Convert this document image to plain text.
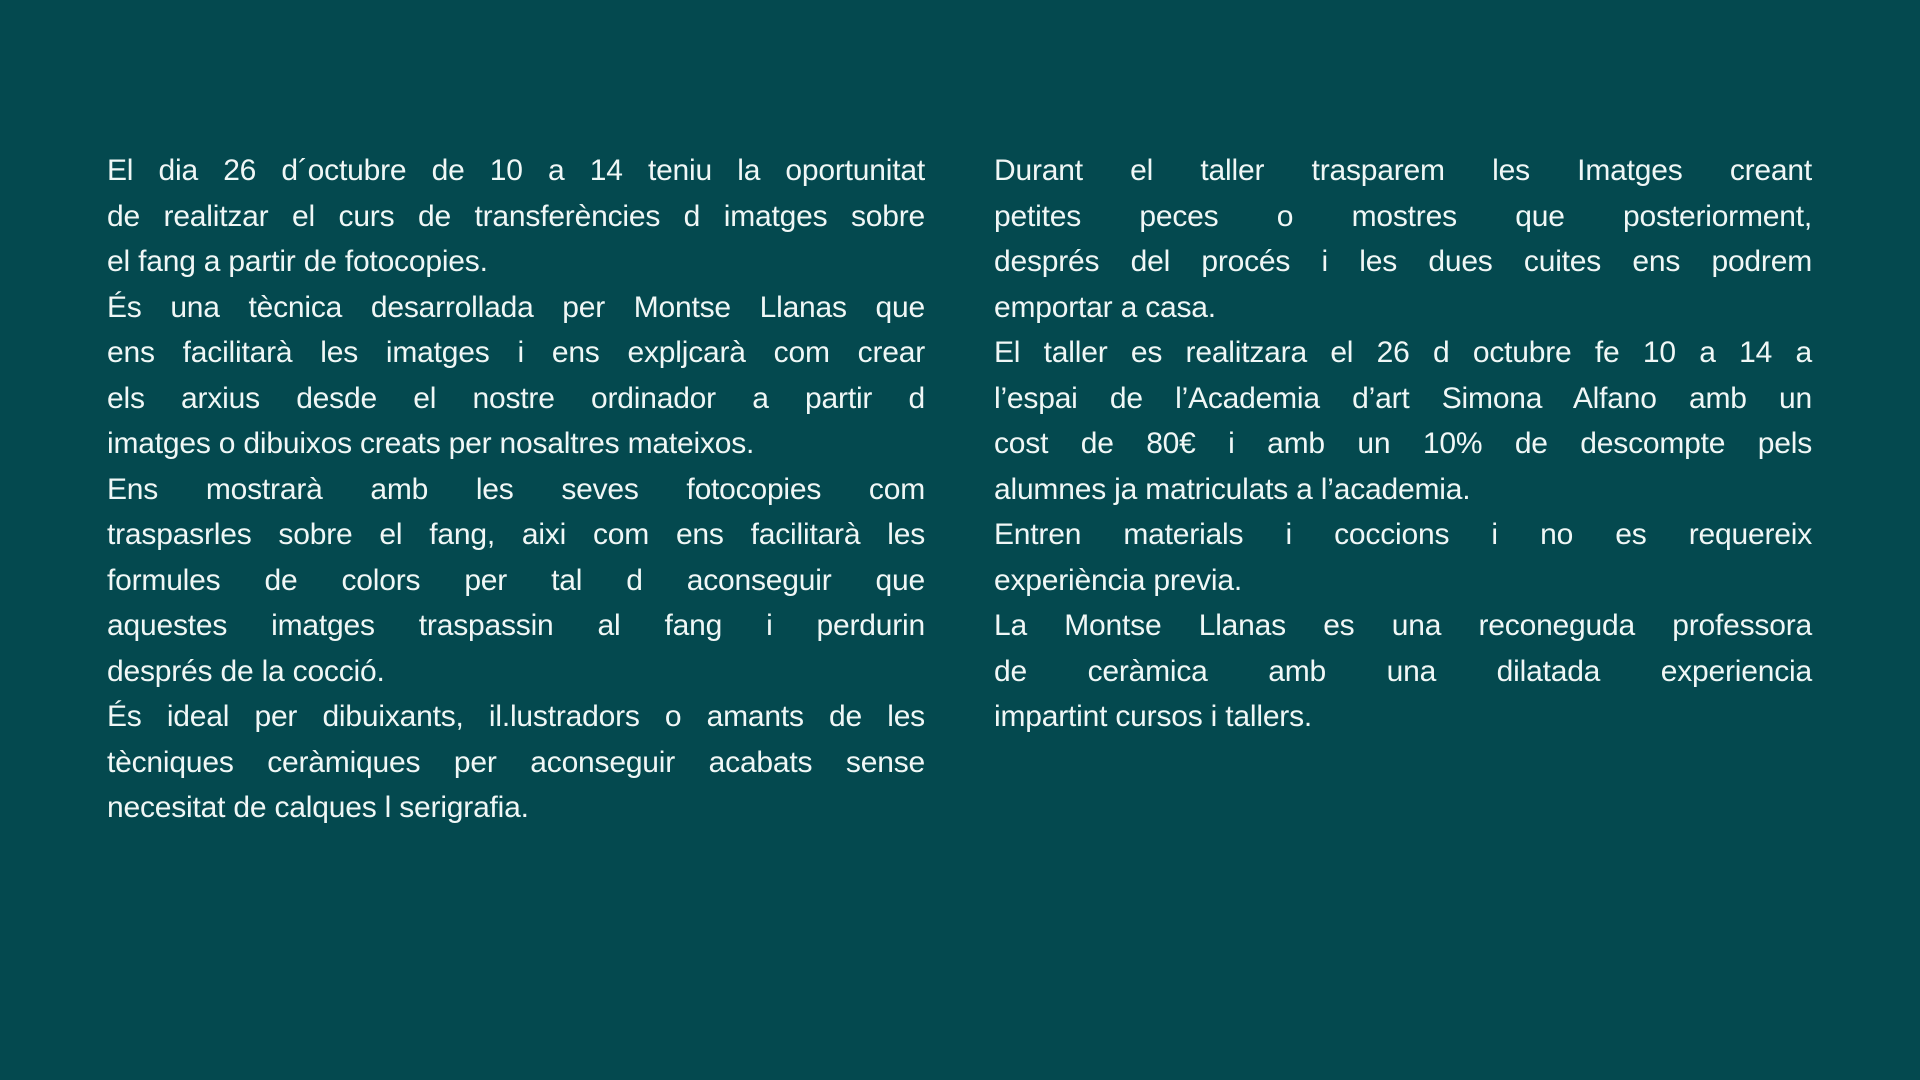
El dia 26 d´octubre de 10 a 14 teniu la oportunitat

de realitzar el curs de transferències d imatges sobre

el fang a partir de fotocopies.

És una tècnica desarrollada per Montse Llanas que

ens facilitarà les imatges i ens expljcarà com crear

els arxius desde el nostre ordinador a partir d

imatges o dibuixos creats per nosaltres mateixos.

Ens mostrarà amb les seves fotocopies com

traspasrles sobre el fang, aixi com ens facilitarà les

formules de colors per tal d aconseguir que

aquestes imatges traspassin al fang i perdurin

després de la cocció.

És ideal per dibuixants, il.lustradors o amants de les

tècniques ceràmiques per aconseguir acabats sense

necesitat de calques l serigrafia.

Durant el taller trasparem les Imatges creant

petites peces o mostres que posteriorment,

després del procés i les dues cuites ens podrem

emportar a casa.

El taller es realitzara el 26 d octubre fe 10 a 14 a

l’espai de l’Academia d’art Simona Alfano amb un

cost de 80€ i amb un 10% de descompte pels

alumnes ja matriculats a l’academia.

Entren materials i coccions i no es requereix

experiència previa.

La Montse Llanas es una reconeguda professora

de ceràmica amb una dilatada experiencia

impartint cursos i tallers.
